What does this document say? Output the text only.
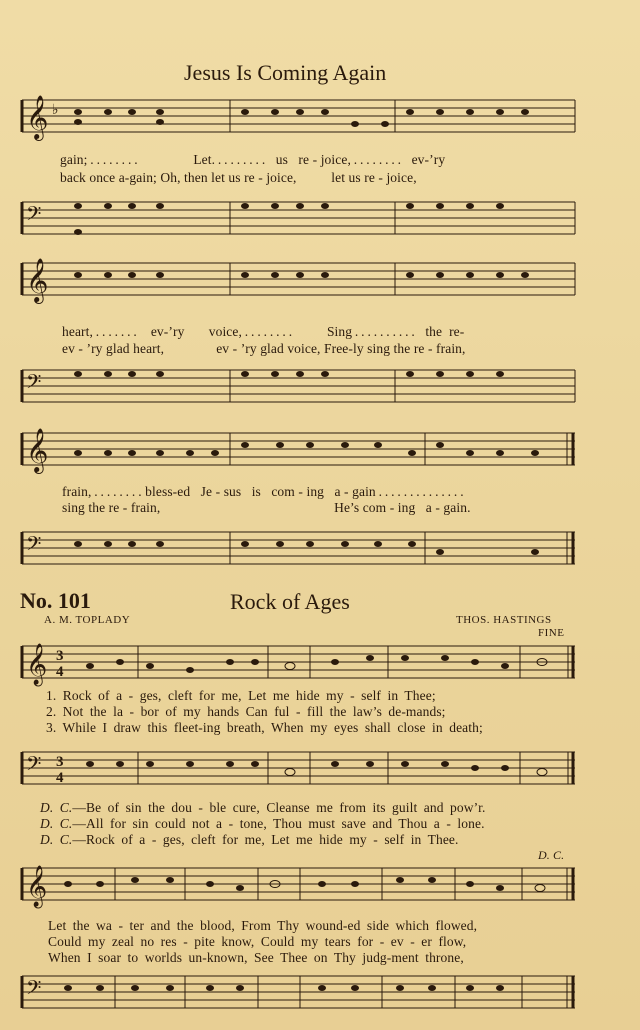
Jesus Is Coming Again
𝄞 ♭
gain; . . . . . . . .	Let. . . . . . . . . us re - joice, . . . . . . . . ev-’ry
back once a-gain; Oh, then let us re - joice,	let us re - joice,
𝄢
𝄞
heart, . . . . . . . ev-’ry voice, . . . . . . . .	Sing . . . . . . . . . . the re-
ev - ’ry glad heart,	ev - ’ry glad voice, Free-ly sing the re - frain,
𝄢
𝄞
frain, . . . . . . . . bless-ed Je - sus is com - ing a - gain . . . . . . . . . . . . . .
sing the re - frain,	He’s com - ing a - gain.
𝄢
No. 101	Rock of Ages
A. M. TOPLADY	THOS. HASTINGS
FINE
𝄞 3
4
1. Rock of a - ges, cleft for me, Let me hide my - self in Thee;
2. Not the la - bor of my hands Can ful - fill the law’s de-mands;
3. While I draw this fleet-ing breath, When my eyes shall close in death;
𝄢 3
4
D. C.—Be of sin the dou - ble cure, Cleanse me from its guilt and pow’r.
D. C.—All for sin could not a - tone, Thou must save and Thou a - lone.
D. C.—Rock of a - ges, cleft for me, Let me hide my - self in Thee.
D. C.
𝄞
Let the wa - ter and the blood, From Thy wound-ed side which flowed,
Could my zeal no res - pite know, Could my tears for - ev - er flow,
When I soar to worlds un-known, See Thee on Thy judg-ment throne,
𝄢
